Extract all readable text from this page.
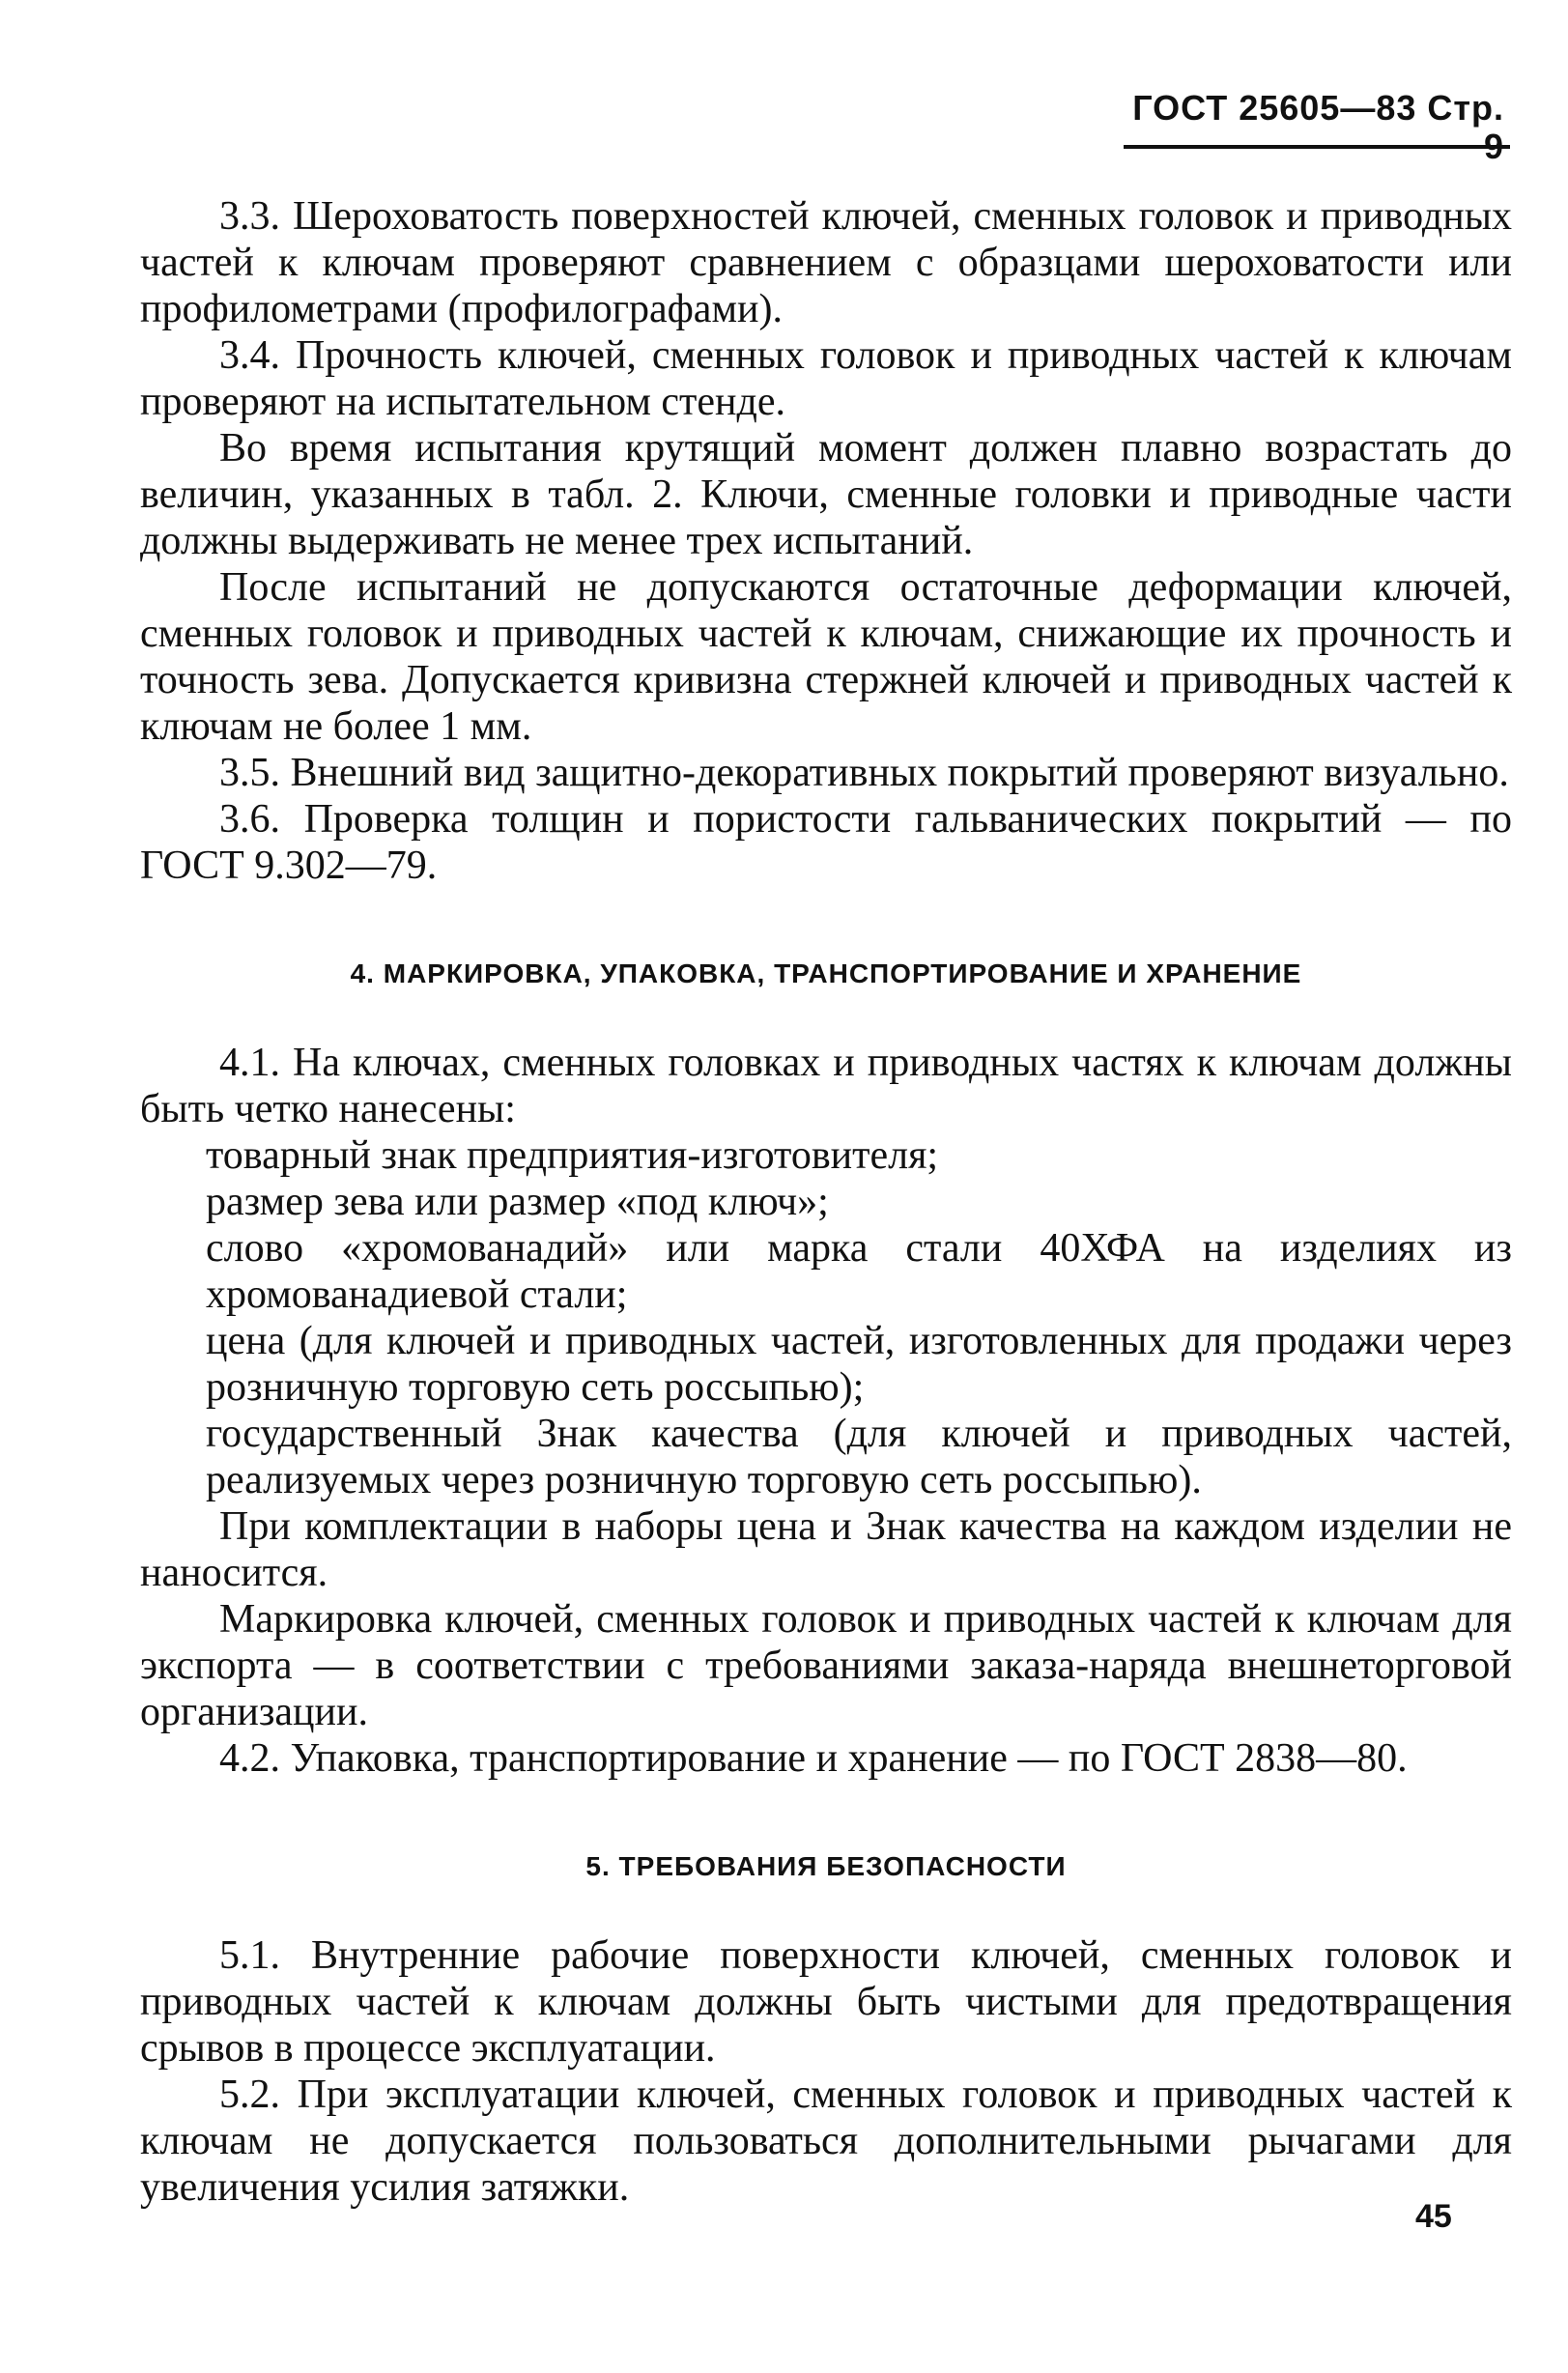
ГОСТ 25605—83 Стр. 9

3.3. Шероховатость поверхностей ключей, сменных головок и приводных частей к ключам проверяют сравнением с образцами шероховатости или профилометрами (профилографами).

3.4. Прочность ключей, сменных головок и приводных частей к ключам проверяют на испытательном стенде.

Во время испытания крутящий момент должен плавно возрастать до величин, указанных в табл. 2. Ключи, сменные головки и приводные части должны выдерживать не менее трех испытаний.

После испытаний не допускаются остаточные деформации ключей, сменных головок и приводных частей к ключам, снижающие их прочность и точность зева. Допускается кривизна стержней ключей и приводных частей к ключам не более 1 мм.

3.5. Внешний вид защитно-декоративных покрытий проверяют визуально.

3.6. Проверка толщин и пористости гальванических покрытий — по ГОСТ 9.302—79.

4. МАРКИРОВКА, УПАКОВКА, ТРАНСПОРТИРОВАНИЕ И ХРАНЕНИЕ

4.1. На ключах, сменных головках и приводных частях к ключам должны быть четко нанесены:

товарный знак предприятия-изготовителя;

размер зева или размер «под ключ»;

слово «хромованадий» или марка стали 40ХФА на изделиях из хромованадиевой стали;

цена (для ключей и приводных частей, изготовленных для продажи через розничную торговую сеть россыпью);

государственный Знак качества (для ключей и приводных частей, реализуемых через розничную торговую сеть россыпью).

При комплектации в наборы цена и Знак качества на каждом изделии не наносится.

Маркировка ключей, сменных головок и приводных частей к ключам для экспорта — в соответствии с требованиями заказа-наряда внешнеторговой организации.

4.2. Упаковка, транспортирование и хранение — по ГОСТ 2838—80.

5. ТРЕБОВАНИЯ БЕЗОПАСНОСТИ

5.1. Внутренние рабочие поверхности ключей, сменных головок и приводных частей к ключам должны быть чистыми для предотвращения срывов в процессе эксплуатации.

5.2. При эксплуатации ключей, сменных головок и приводных частей к ключам не допускается пользоваться дополнительными рычагами для увеличения усилия затяжки.

45
